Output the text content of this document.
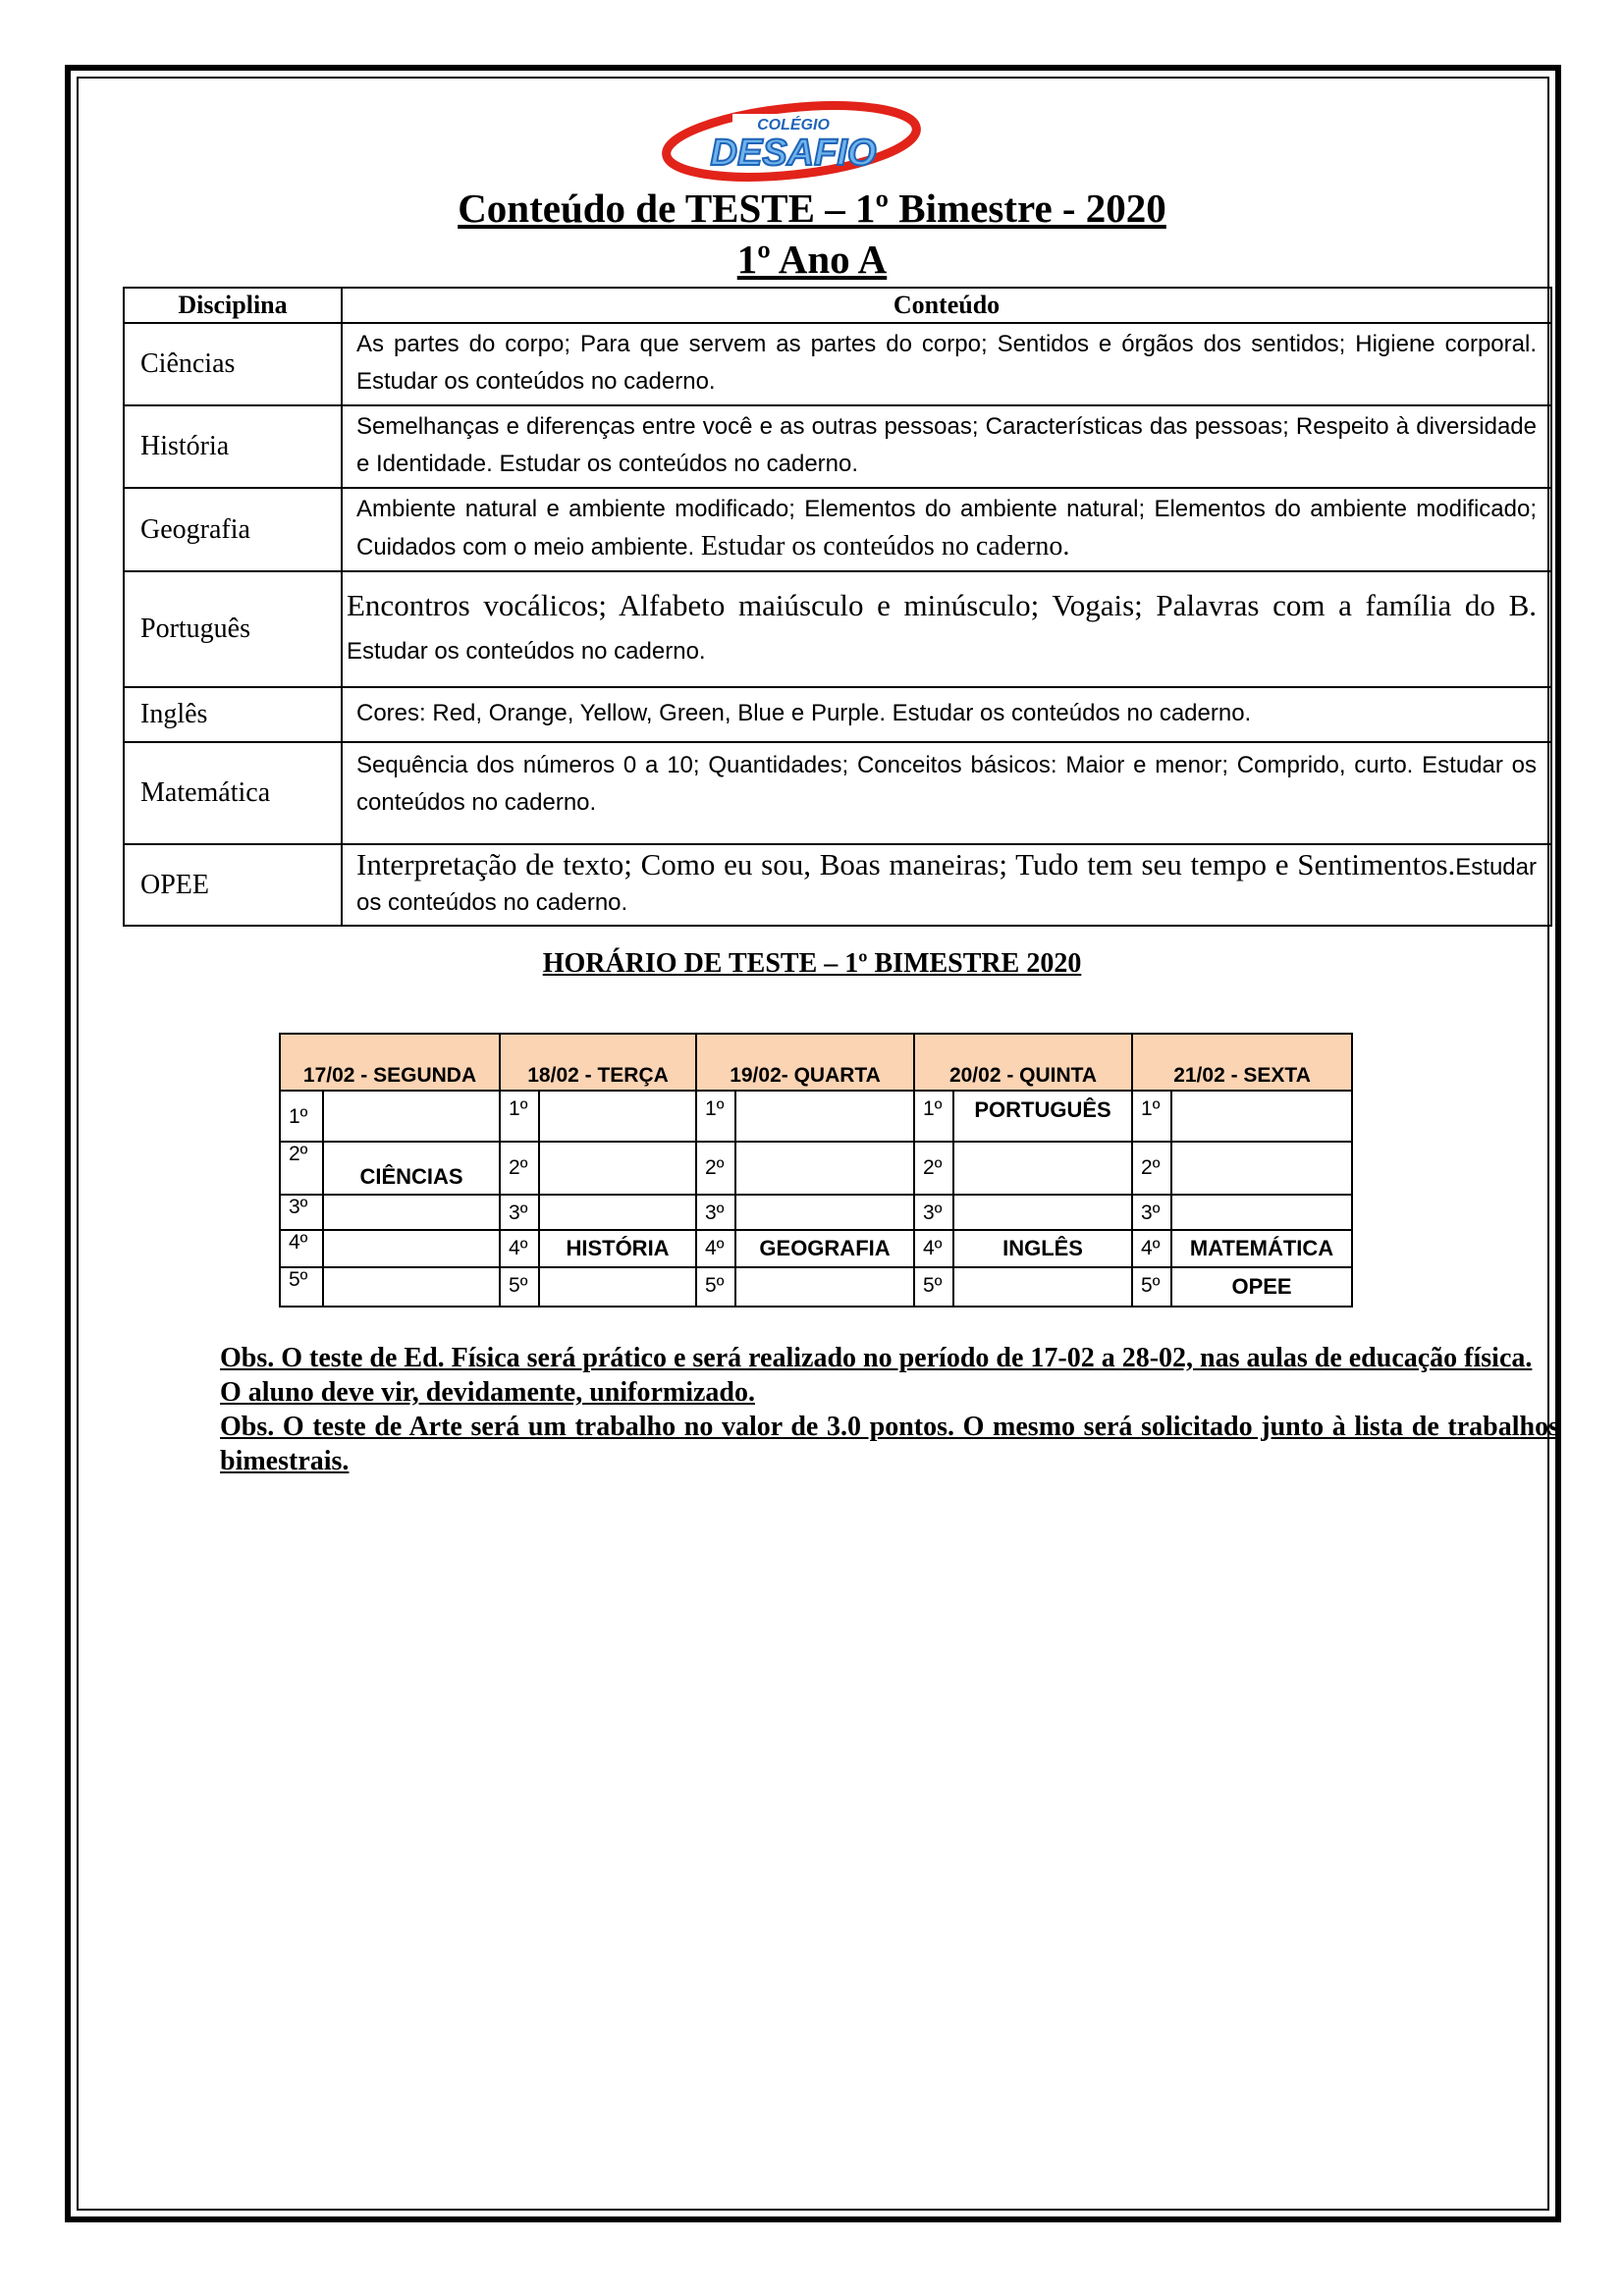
COLÉGIO
DESAFIO
Conteúdo de TESTE – 1º Bimestre - 2020
1º Ano A
Disciplina	Conteúdo
Ciências	As partes do corpo; Para que servem as partes do corpo; Sentidos e órgãos dos sentidos; Higiene corporal. Estudar os conteúdos no caderno.
História	Semelhanças e diferenças entre você e as outras pessoas; Características das pessoas; Respeito à diversidade e Identidade. Estudar os conteúdos no caderno.
Geografia	Ambiente natural e ambiente modificado; Elementos do ambiente natural; Elementos do ambiente modificado; Cuidados com o meio ambiente. Estudar os conteúdos no caderno.
Português	Encontros vocálicos; Alfabeto maiúsculo e minúsculo; Vogais; Palavras com a família do B. Estudar os conteúdos no caderno.
Inglês	Cores: Red, Orange, Yellow, Green, Blue e Purple. Estudar os conteúdos no caderno.
Matemática	Sequência dos números 0 a 10; Quantidades; Conceitos básicos: Maior e menor; Comprido, curto. Estudar os conteúdos no caderno.
OPEE	Interpretação de texto; Como eu sou, Boas maneiras; Tudo tem seu tempo e Sentimentos.Estudar os conteúdos no caderno.
HORÁRIO DE TESTE – 1º BIMESTRE 2020
17/02 - SEGUNDA		18/02 - TERÇA		19/02- QUARTA		20/02 - QUINTA		21/02 - SEXTA	
1º		1º		1º		1º	PORTUGUÊS	1º	
2º	CIÊNCIAS	2º		2º		2º		2º	
3º		3º		3º		3º		3º	
4º		4º	HISTÓRIA	4º	GEOGRAFIA	4º	INGLÊS	4º	MATEMÁTICA
5º		5º		5º		5º		5º	OPEE

Obs. O teste de Ed. Física será prático e será realizado no período de 17-02 a 28-02, nas aulas de educação física.

O aluno deve vir, devidamente, uniformizado.

Obs. O teste de Arte será um trabalho no valor de 3.0 pontos. O mesmo será solicitado junto à lista de trabalhos bimestrais.
